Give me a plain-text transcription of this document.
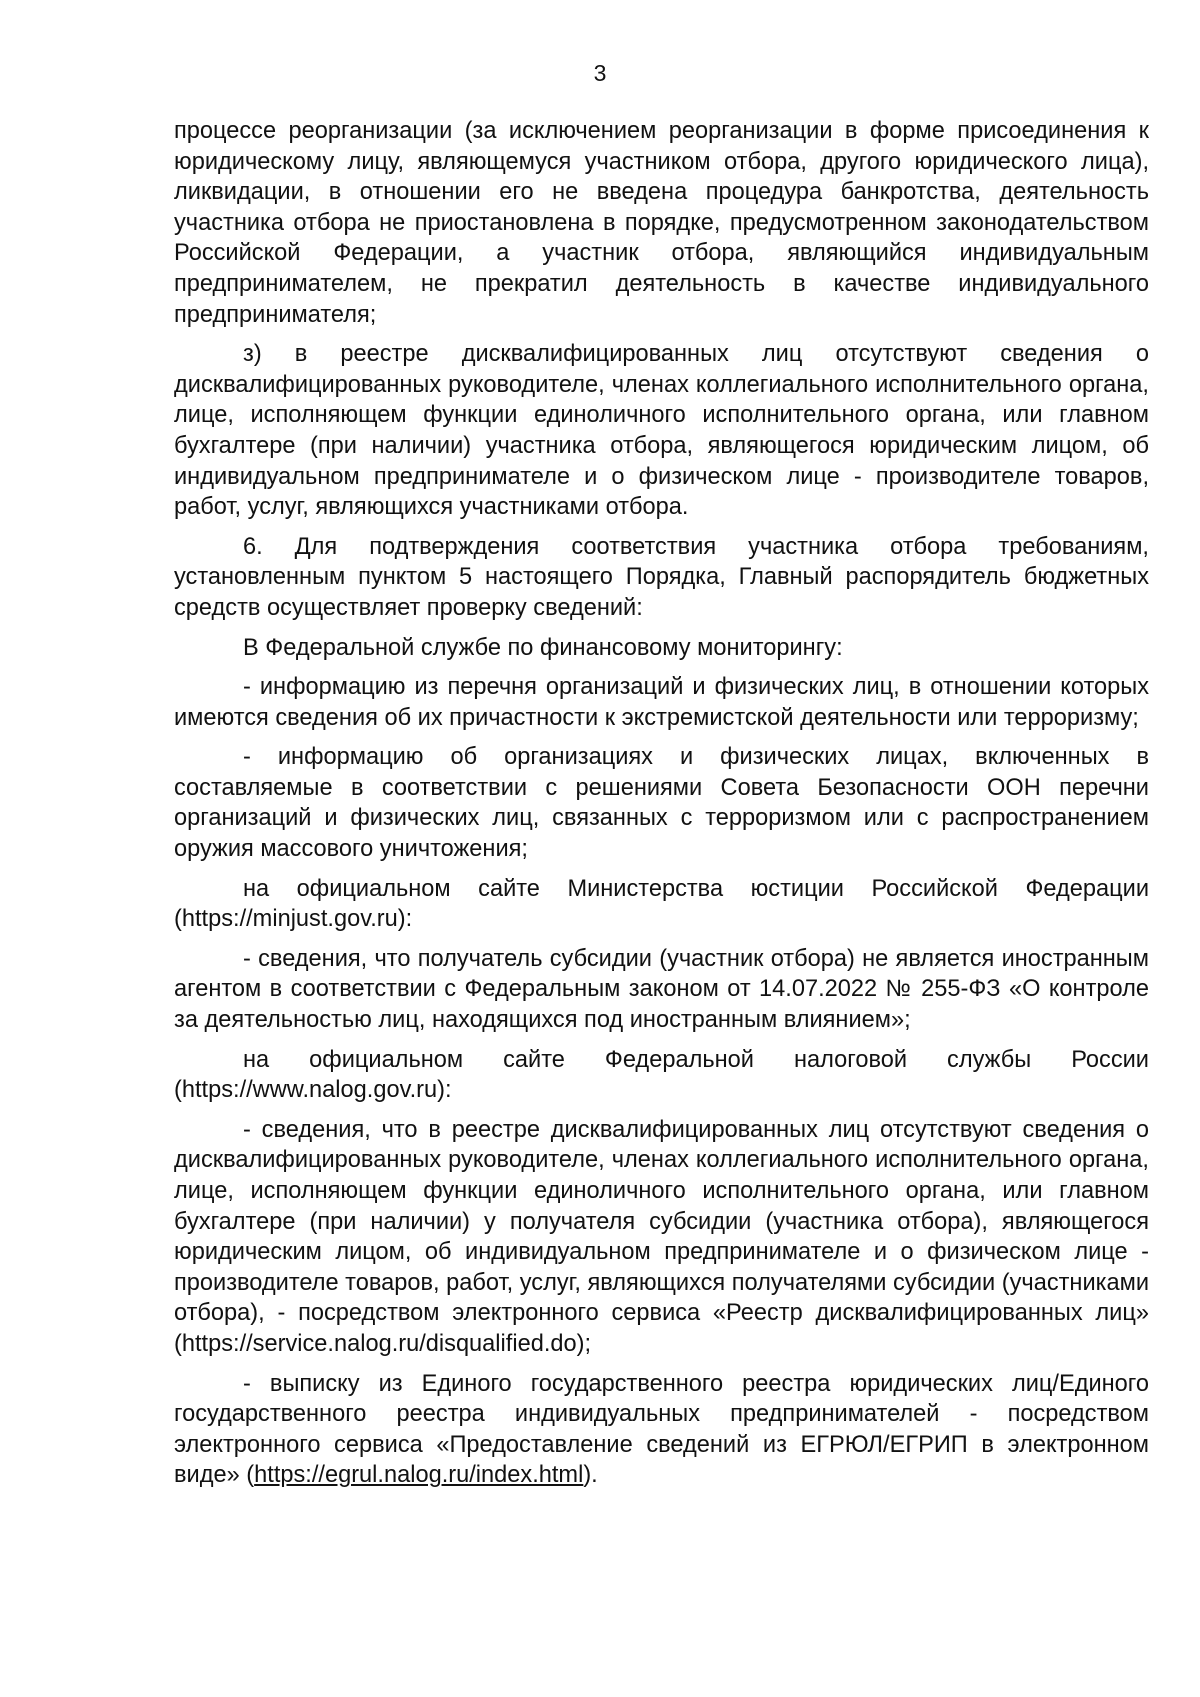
3

процессе реорганизации (за исключением реорганизации в форме присоединения к юридическому лицу, являющемуся участником отбора, другого юридического лица), ликвидации, в отношении его не введена процедура банкротства, деятельность участника отбора не приостановлена в порядке, предусмотренном законодательством Российской Федерации, а участник отбора, являющийся индивидуальным предпринимателем, не прекратил деятельность в качестве индивидуального предпринимателя;

з) в реестре дисквалифицированных лиц отсутствуют сведения о дисквалифицированных руководителе, членах коллегиального исполнительного органа, лице, исполняющем функции единоличного исполнительного органа, или главном бухгалтере (при наличии) участника отбора, являющегося юридическим лицом, об индивидуальном предпринимателе и о физическом лице - производителе товаров, работ, услуг, являющихся участниками отбора.

6. Для подтверждения соответствия участника отбора требованиям, установленным пунктом 5 настоящего Порядка, Главный распорядитель бюджетных средств осуществляет проверку сведений:

В Федеральной службе по финансовому мониторингу:

- информацию из перечня организаций и физических лиц, в отношении которых имеются сведения об их причастности к экстремистской деятельности или терроризму;

- информацию об организациях и физических лицах, включенных в составляемые в соответствии с решениями Совета Безопасности ООН перечни организаций и физических лиц, связанных с терроризмом или с распространением оружия массового уничтожения;

на официальном сайте Министерства юстиции Российской Федерации (https://minjust.gov.ru):

- сведения, что получатель субсидии (участник отбора) не является иностранным агентом в соответствии с Федеральным законом от 14.07.2022 № 255-ФЗ «О контроле за деятельностью лиц, находящихся под иностранным влиянием»;

на официальном сайте Федеральной налоговой службы России (https://www.nalog.gov.ru):

- сведения, что в реестре дисквалифицированных лиц отсутствуют сведения о дисквалифицированных руководителе, членах коллегиального исполнительного органа, лице, исполняющем функции единоличного исполнительного органа, или главном бухгалтере (при наличии) у получателя субсидии (участника отбора), являющегося юридическим лицом, об индивидуальном предпринимателе и о физическом лице - производителе товаров, работ, услуг, являющихся получателями субсидии (участниками отбора), - посредством электронного сервиса «Реестр дисквалифицированных лиц» (https://service.nalog.ru/disqualified.do);

- выписку из Единого государственного реестра юридических лиц/Единого государственного реестра индивидуальных предпринимателей - посредством электронного сервиса «Предоставление сведений из ЕГРЮЛ/ЕГРИП в электронном виде» (https://egrul.nalog.ru/index.html).
